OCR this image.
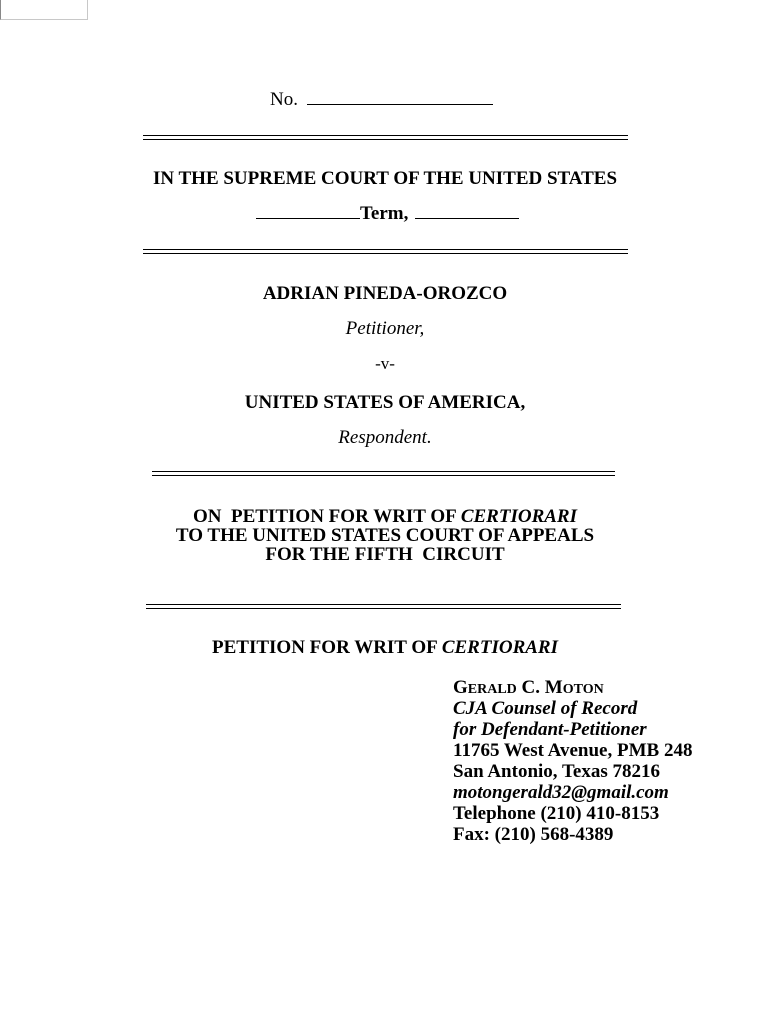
No.
IN THE SUPREME COURT OF THE UNITED STATES
Term,
ADRIAN PINEDA-OROZCO
Petitioner,
-v-
UNITED STATES OF AMERICA,
Respondent.
ON  PETITION FOR WRIT OF CERTIORARI
TO THE UNITED STATES COURT OF APPEALS
FOR THE FIFTH  CIRCUIT
PETITION FOR WRIT OF CERTIORARI
GERALD C. MOTON
CJA Counsel of Record
for Defendant-Petitioner
11765 West Avenue, PMB 248
San Antonio, Texas 78216
motongerald32@gmail.com
Telephone (210) 410-8153
Fax: (210) 568-4389
